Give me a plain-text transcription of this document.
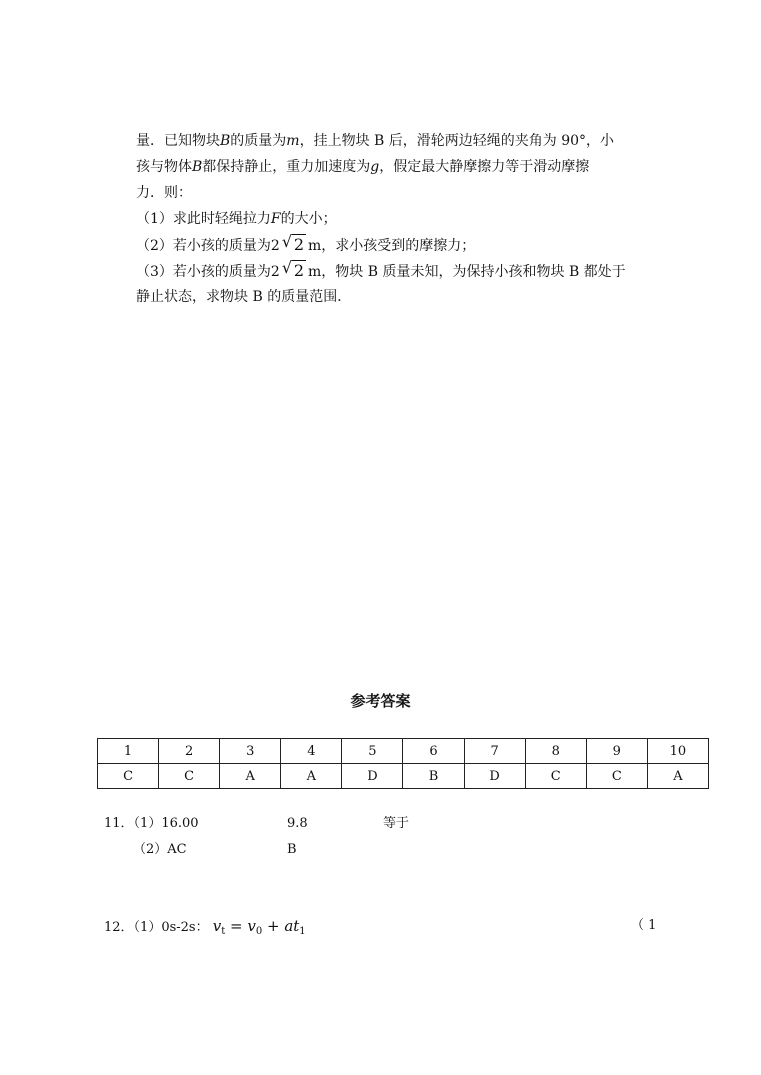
量．已知物块B的质量为m，挂上物块 B 后，滑轮两边轻绳的夹角为 90°，小
孩与物体B都保持静止，重力加速度为g，假定最大静摩擦力等于滑动摩擦
力．则：
（1）求此时轻绳拉力F的大小；
（2）若小孩的质量为2 √ 2 m，求小孩受到的摩擦力；
（3）若小孩的质量为2 √ 2 m，物块 B 质量未知，为保持小孩和物块 B 都处于
静止状态，求物块 B 的质量范围．
参考答案
1	2	3	4	5	6	7	8	9	10
C	C	A	A	D	B	D	C	C	A
11．（1）16.00	9.8	等于
（2）AC	B
12．（1）0s-2s： $v_t = v_0 + at_1$	（ 1
